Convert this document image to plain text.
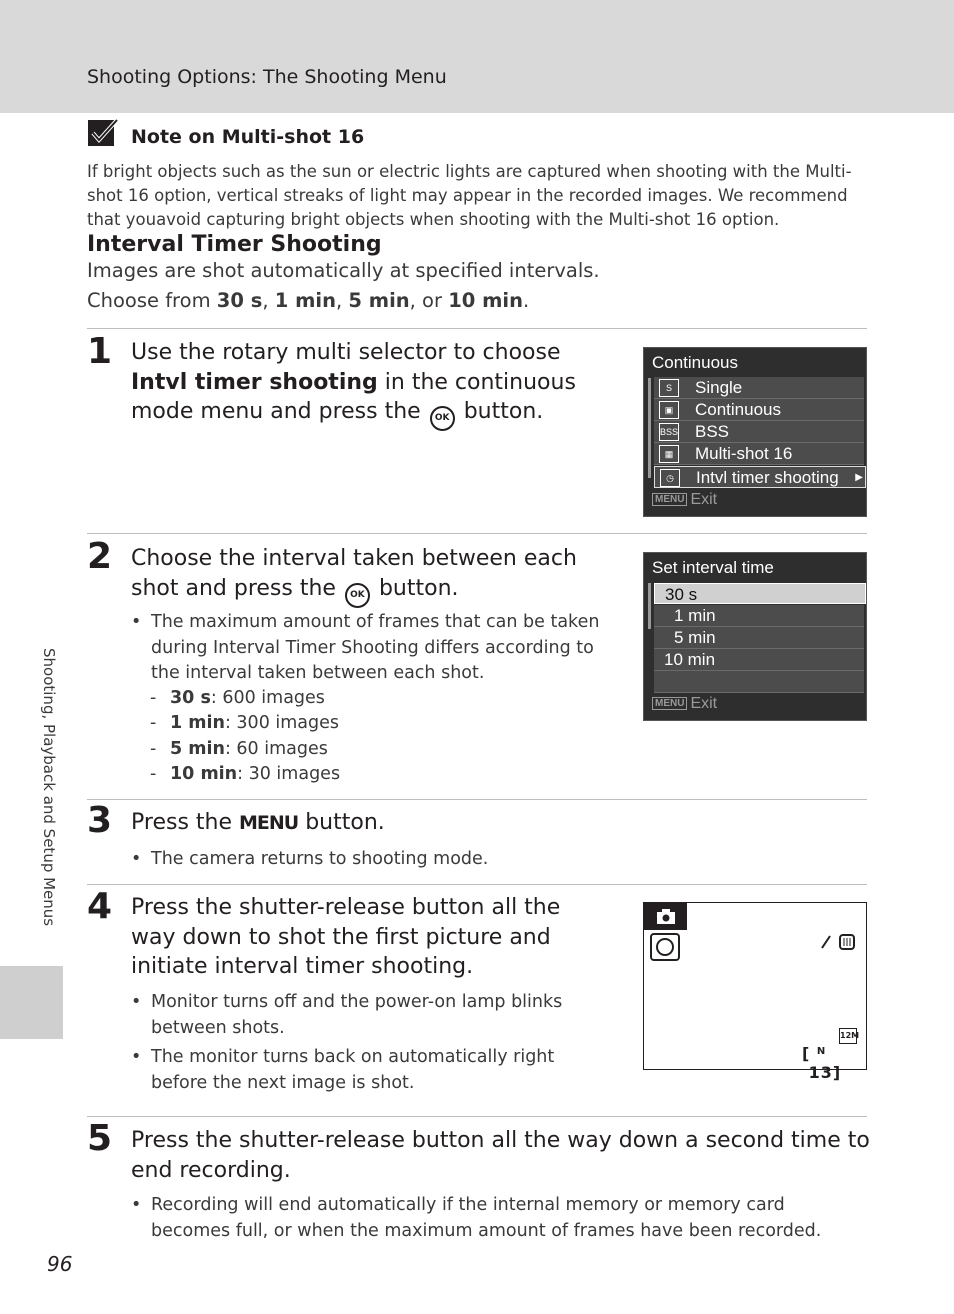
Shooting Options: The Shooting Menu
Note on Multi-shot 16
If bright objects such as the sun or electric lights are captured when shooting with the Multi-shot 16 option, vertical streaks of light may appear in the recorded images. We recommend that youavoid capturing bright objects when shooting with the Multi-shot 16 option.
Interval Timer Shooting
Images are shot automatically at specified intervals.
Choose from 30 s, 1 min, 5 min, or 10 min.
1 Use the rotary multi selector to choose Intvl timer shooting in the continuous mode menu and press the OK button.
Continuous
S	Single
▣	Continuous
BSS BSS
▦	Multi-shot 16
◷	Intvl timer shooting ▶
MENU Exit
2 Choose the interval taken between each shot and press the OK button.
• The maximum amount of frames that can be taken during Interval Timer Shooting differs according to the interval taken between each shot.
- 30 s: 600 images
- 1 min: 300 images
- 5 min: 60 images
- 10 min: 30 images
Set interval time
30 s
1 min
5 min
10 min
MENU Exit
3 Press the MENU button.
• The camera returns to shooting mode.
4 Press the shutter-release button all the way down to shot the first picture and initiate interval timer shooting.
• Monitor turns off and the power-on lamp blinks between shots.
• The monitor turns back on automatically right before the next image is shot.
12M
[ $^N$  13]
5 Press the shutter-release button all the way down a second time to end recording.
• Recording will end automatically if the internal memory or memory card becomes full, or when the maximum amount of frames have been recorded.
Shooting, Playback and Setup Menus
96
